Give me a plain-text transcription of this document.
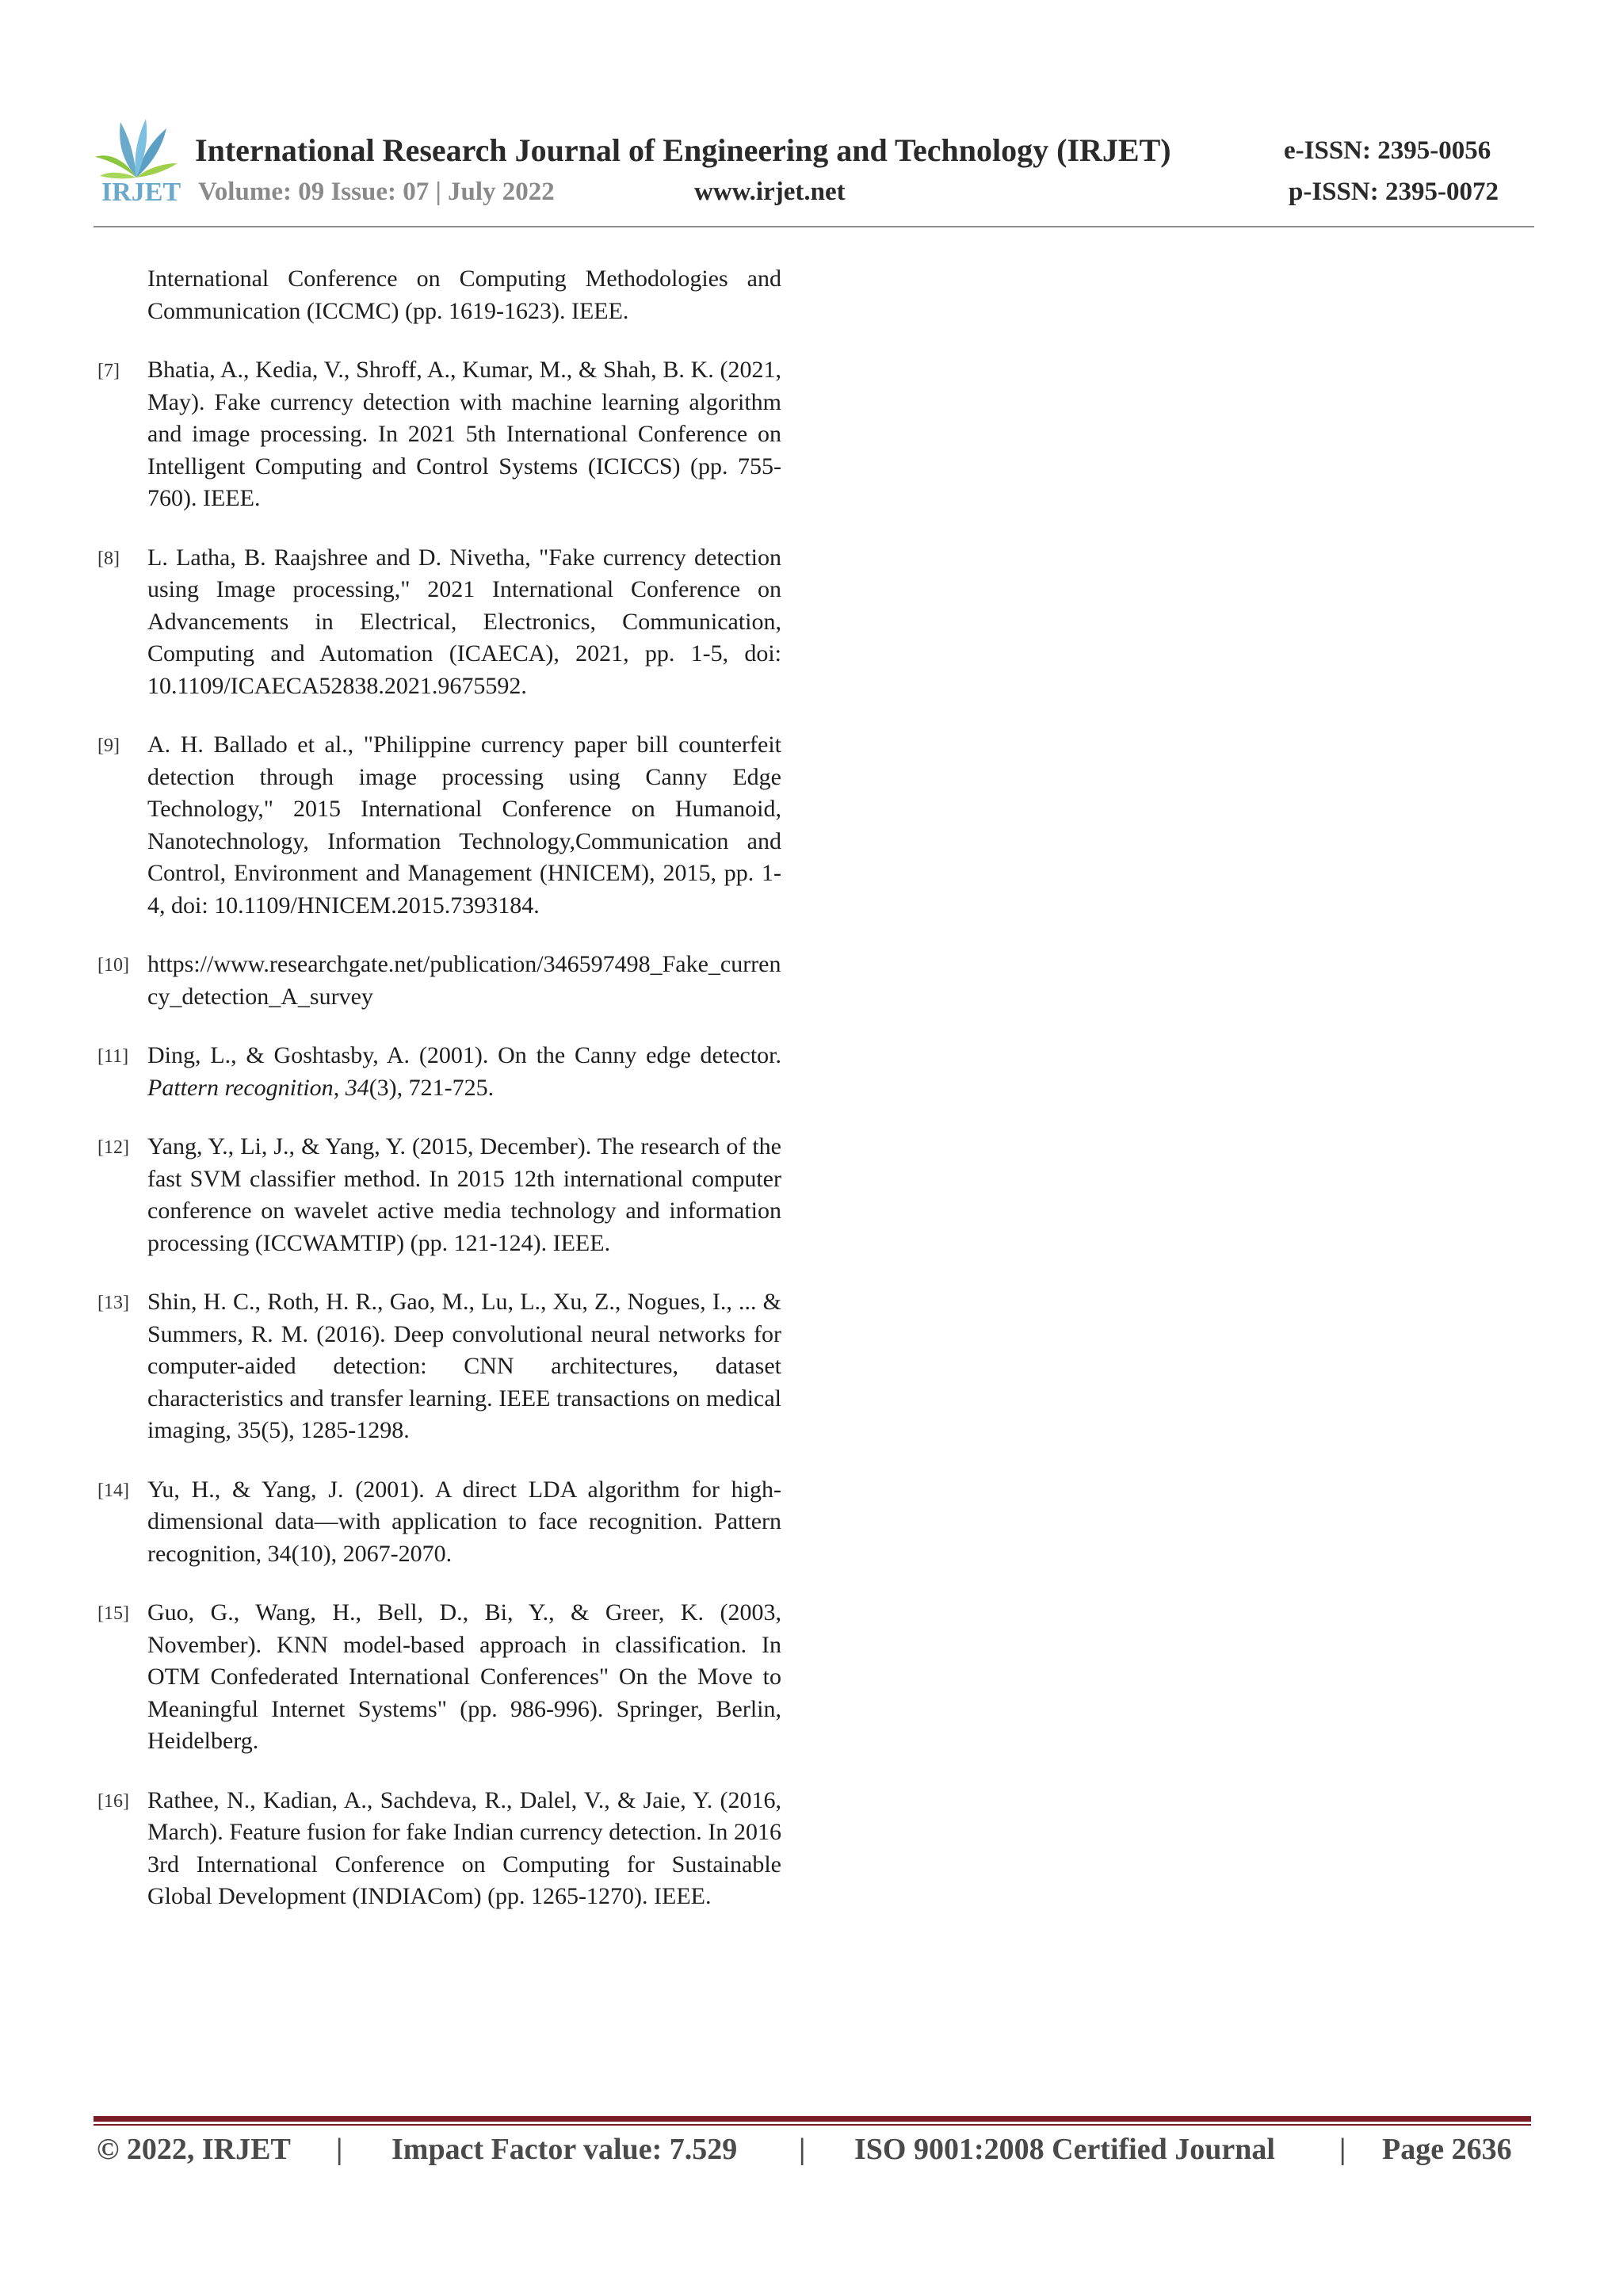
IRJET
International Research Journal of Engineering and Technology (IRJET)	e-ISSN: 2395-0056
Volume: 09 Issue: 07 | July 2022	www.irjet.net	p-ISSN: 2395-0072
International Conference on Computing Methodologies and Communication (ICCMC) (pp. 1619-1623). IEEE.
[7] Bhatia, A., Kedia, V., Shroff, A., Kumar, M., & Shah, B. K. (2021, May). Fake currency detection with machine learning algorithm and image processing. In 2021 5th International Conference on Intelligent Computing and Control Systems (ICICCS) (pp. 755-760). IEEE.
[8] L. Latha, B. Raajshree and D. Nivetha, "Fake currency detection using Image processing," 2021 International Conference on Advancements in Electrical, Electronics, Communication, Computing and Automation (ICAECA), 2021, pp. 1-5, doi: 10.1109/ICAECA52838.2021.9675592.
[9] A. H. Ballado et al., "Philippine currency paper bill counterfeit detection through image processing using Canny Edge Technology," 2015 International Conference on Humanoid, Nanotechnology, Information Technology,Communication and Control, Environment and Management (HNICEM), 2015, pp. 1-4, doi: 10.1109/HNICEM.2015.7393184.
[10] https://www.researchgate.net/publication/346597498_Fake_currency_detection_A_survey
[11] Ding, L., & Goshtasby, A. (2001). On the Canny edge detector. Pattern recognition, 34(3), 721-725.
[12] Yang, Y., Li, J., & Yang, Y. (2015, December). The research of the fast SVM classifier method. In 2015 12th international computer conference on wavelet active media technology and information processing (ICCWAMTIP) (pp. 121-124). IEEE.
[13] Shin, H. C., Roth, H. R., Gao, M., Lu, L., Xu, Z., Nogues, I., ... & Summers, R. M. (2016). Deep convolutional neural networks for computer-aided detection: CNN architectures, dataset characteristics and transfer learning. IEEE transactions on medical imaging, 35(5), 1285-1298.
[14] Yu, H., & Yang, J. (2001). A direct LDA algorithm for high-dimensional data—with application to face recognition. Pattern recognition, 34(10), 2067-2070.
[15] Guo, G., Wang, H., Bell, D., Bi, Y., & Greer, K. (2003, November). KNN model-based approach in classification. In OTM Confederated International Conferences" On the Move to Meaningful Internet Systems" (pp. 986-996). Springer, Berlin, Heidelberg.
[16] Rathee, N., Kadian, A., Sachdeva, R., Dalel, V., & Jaie, Y. (2016, March). Feature fusion for fake Indian currency detection. In 2016 3rd International Conference on Computing for Sustainable Global Development (INDIACom) (pp. 1265-1270). IEEE.
© 2022, IRJET | Impact Factor value: 7.529 | ISO 9001:2008 Certified Journal | Page 2636
